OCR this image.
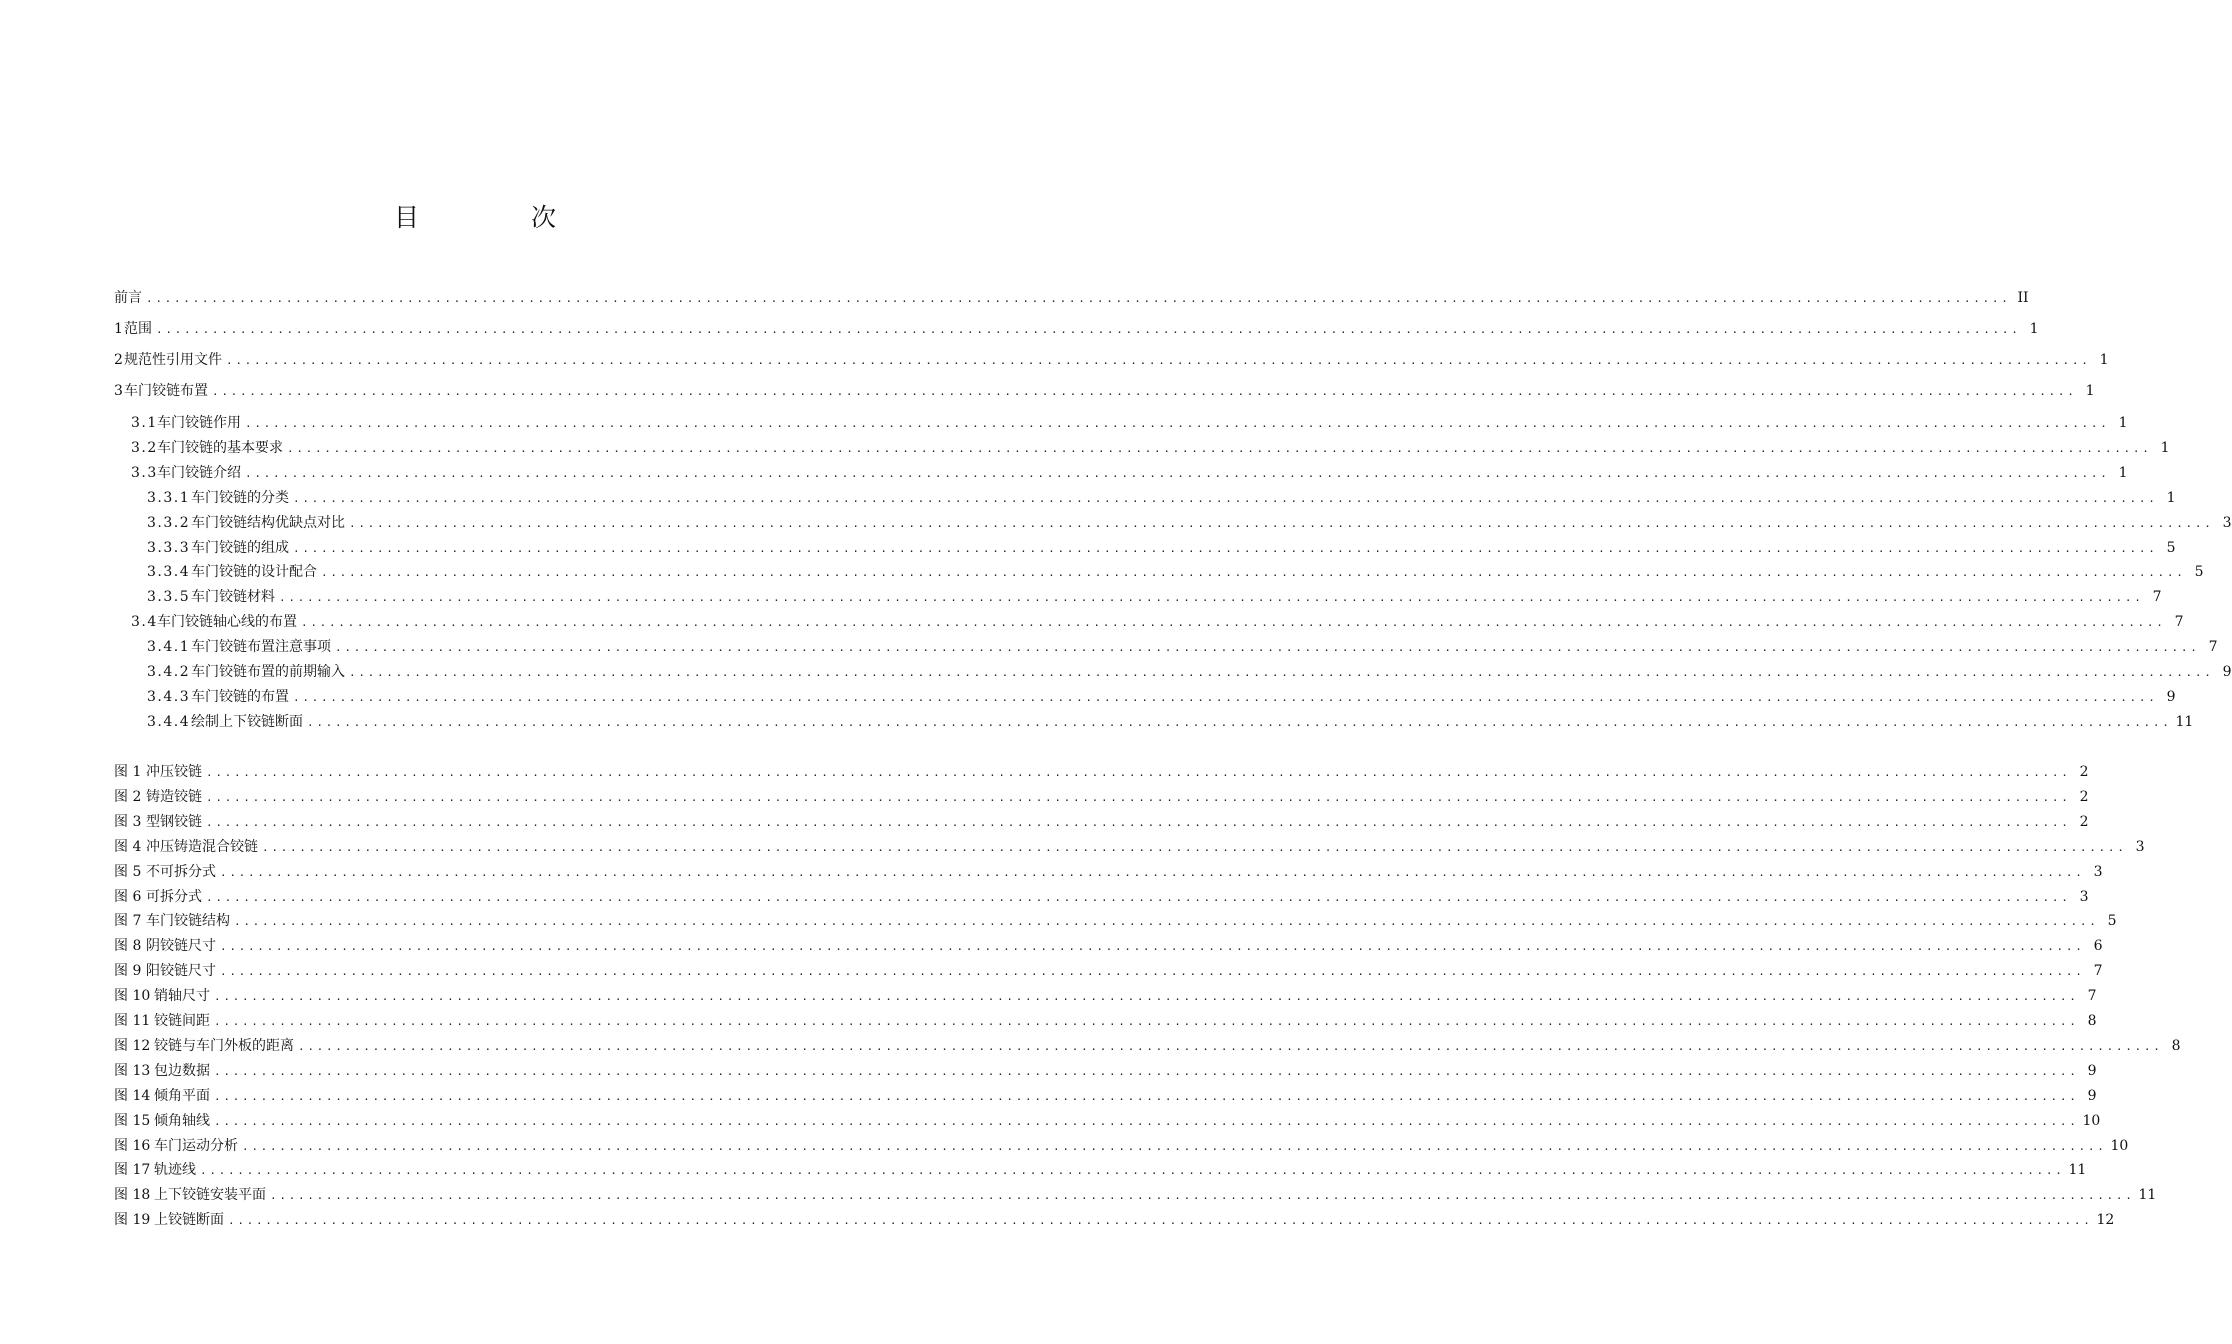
目 次
前言 ........................................................................................................................................................................................................ II
1 范围 ........................................................................................................................................................................................................ 1
2 规范性引用文件 ........................................................................................................................................................................................................ 1
3 车门铰链布置 ........................................................................................................................................................................................................ 1
3.1 车门铰链作用 ........................................................................................................................................................................................................ 1
3.2 车门铰链的基本要求 ........................................................................................................................................................................................................ 1
3.3 车门铰链介绍 ........................................................................................................................................................................................................ 1
3.3.1 车门铰链的分类 ........................................................................................................................................................................................................ 1
3.3.2 车门铰链结构优缺点对比 ........................................................................................................................................................................................................ 3
3.3.3 车门铰链的组成 ........................................................................................................................................................................................................ 5
3.3.4 车门铰链的设计配合 ........................................................................................................................................................................................................ 5
3.3.5 车门铰链材料 ........................................................................................................................................................................................................ 7
3.4 车门铰链轴心线的布置 ........................................................................................................................................................................................................ 7
3.4.1 车门铰链布置注意事项 ........................................................................................................................................................................................................ 7
3.4.2 车门铰链布置的前期输入 ........................................................................................................................................................................................................ 9
3.4.3 车门铰链的布置 ........................................................................................................................................................................................................ 9
3.4.4 绘制上下铰链断面 ........................................................................................................................................................................................................ 11
图 1 冲压铰链 ........................................................................................................................................................................................................ 2
图 2 铸造铰链 ........................................................................................................................................................................................................ 2
图 3 型钢铰链 ........................................................................................................................................................................................................ 2
图 4 冲压铸造混合铰链 ........................................................................................................................................................................................................ 3
图 5 不可拆分式 ........................................................................................................................................................................................................ 3
图 6 可拆分式 ........................................................................................................................................................................................................ 3
图 7 车门铰链结构 ........................................................................................................................................................................................................ 5
图 8 阴铰链尺寸 ........................................................................................................................................................................................................ 6
图 9 阳铰链尺寸 ........................................................................................................................................................................................................ 7
图 10 销轴尺寸 ........................................................................................................................................................................................................ 7
图 11 铰链间距 ........................................................................................................................................................................................................ 8
图 12 铰链与车门外板的距离 ........................................................................................................................................................................................................ 8
图 13 包边数据 ........................................................................................................................................................................................................ 9
图 14 倾角平面 ........................................................................................................................................................................................................ 9
图 15 倾角轴线 ........................................................................................................................................................................................................ 10
图 16 车门运动分析 ........................................................................................................................................................................................................ 10
图 17 轨迹线 ........................................................................................................................................................................................................ 11
图 18 上下铰链安装平面 ........................................................................................................................................................................................................ 11
图 19 上铰链断面 ........................................................................................................................................................................................................ 12
